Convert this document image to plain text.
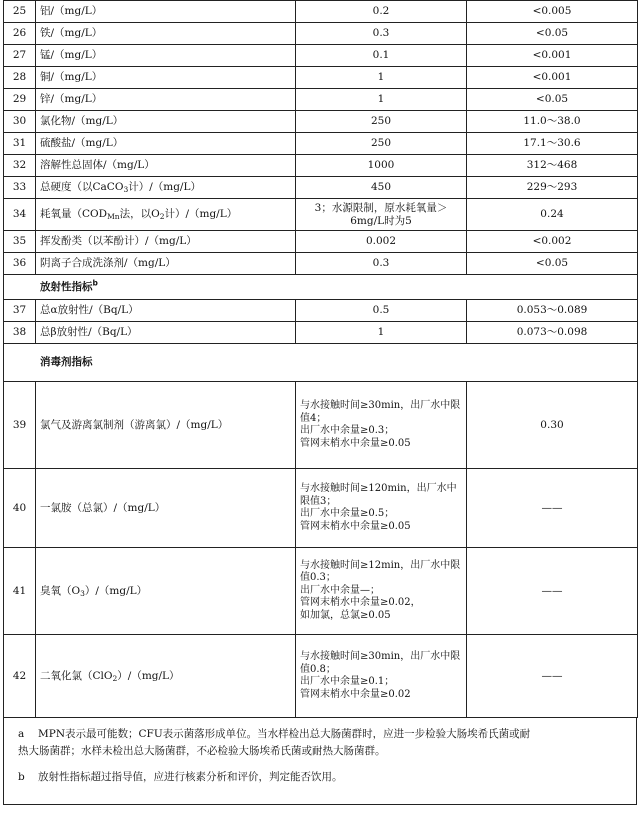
25	铝/（mg/L）	0.2	<0.005
26	铁/（mg/L）	0.3	<0.05
27	锰/（mg/L）	0.1	<0.001
28	铜/（mg/L）	1	<0.001
29	锌/（mg/L）	1	<0.05
30	氯化物/（mg/L）	250	11.0～38.0
31	硫酸盐/（mg/L）	250	17.1～30.6
32	溶解性总固体/（mg/L）	1000	312～468
33	总硬度（以CaCO$_3$计）/（mg/L）	450	229～293
34	耗氧量（$COD_{Mn}$法，以$O_2$计）/（mg/L）	3；水源限制，原水耗氧量＞
6mg/L时为5	0.24
35	挥发酚类（以苯酚计）/（mg/L）	0.002	<0.002
36	阴离子合成洗涤剂/（mg/L）	0.3	<0.05
放射性指标$^b$
37	总α放射性/（Bq/L）	0.5	0.053～0.089
38	总β放射性/（Bq/L）	1	0.073～0.098
消毒剂指标			
39	氯气及游离氯制剂（游离氯）/（mg/L）	与水接触时间≥30min，出厂水中限
值4；
出厂水中余量≥0.3；
管网末梢水中余量≥0.05	0.30
40	一氯胺（总氯）/（mg/L）	与水接触时间≥120min，出厂水中
限值3；
出厂水中余量≥0.5；
管网末梢水中余量≥0.05	——
41	臭氧$(O_3)/(mg/L)$	与水接触时间≥12min，出厂水中限
值0.3；
出厂水中余量—；
管网末梢水中余量≥0.02，
如加氯，总氯≥0.05	——
42	二氧化氯（ClO$_2$）/（mg/L）	与水接触时间≥30min，出厂水中限
值0.8；
出厂水中余量≥0.1；
管网末梢水中余量≥0.02	——
a	MPN表示最可能数；CFU表示菌落形成单位。当水样检出总大肠菌群时，应进一步检验大肠埃希氏菌或耐
热大肠菌群；水样未检出总大肠菌群，不必检验大肠埃希氏菌或耐热大肠菌群。
b	放射性指标超过指导值，应进行核素分析和评价，判定能否饮用。
